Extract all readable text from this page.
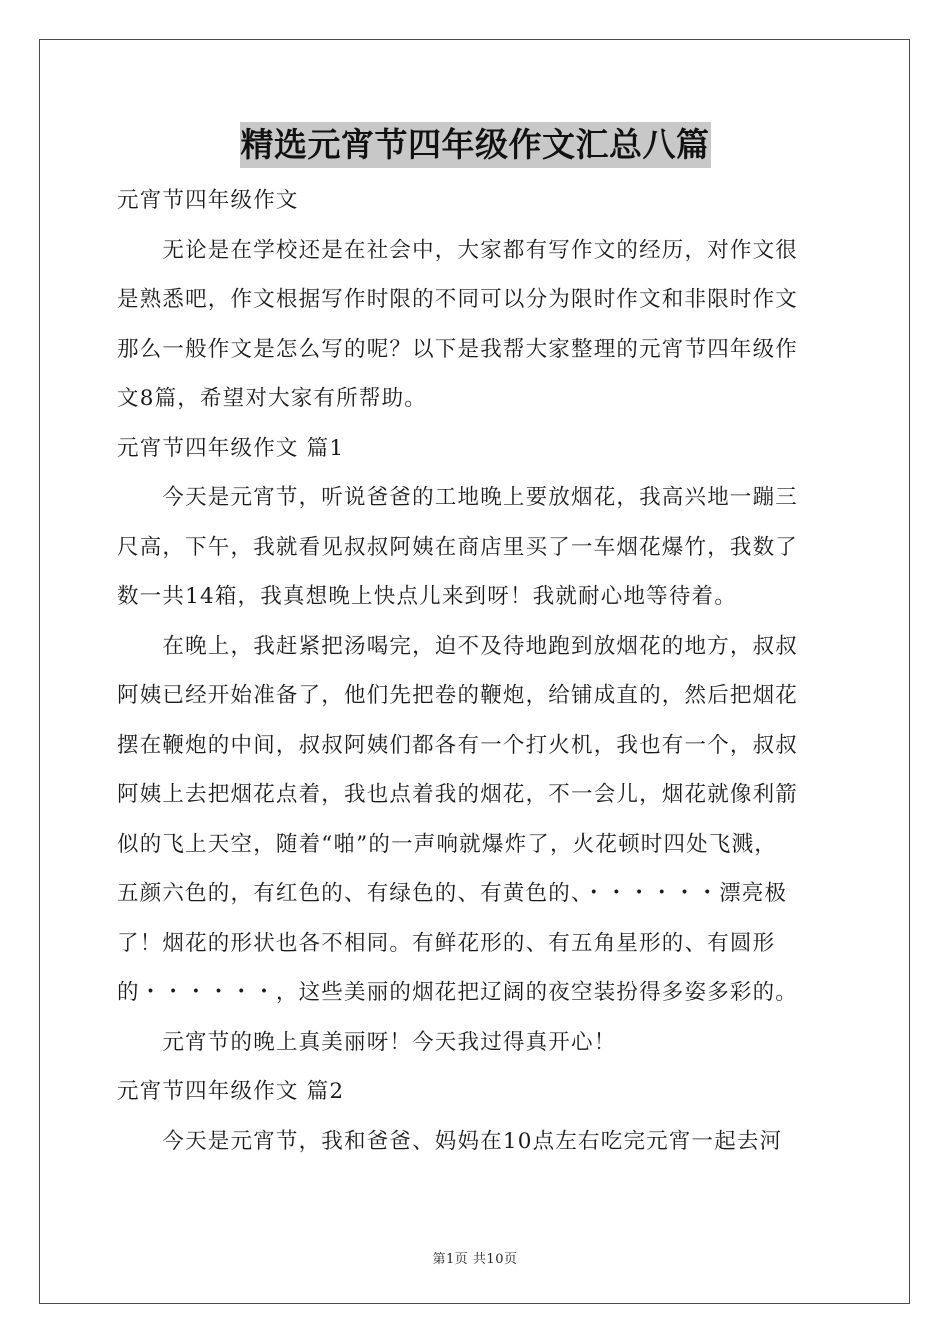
精选元宵节四年级作文汇总八篇
元宵节四年级作文
　　无论是在学校还是在社会中，大家都有写作文的经历，对作文很
是熟悉吧，作文根据写作时限的不同可以分为限时作文和非限时作文
那么一般作文是怎么写的呢？以下是我帮大家整理的元宵节四年级作
文8篇，希望对大家有所帮助。
元宵节四年级作文 篇1
　　今天是元宵节，听说爸爸的工地晚上要放烟花，我高兴地一蹦三
尺高，下午，我就看见叔叔阿姨在商店里买了一车烟花爆竹，我数了
数一共14箱，我真想晚上快点儿来到呀！我就耐心地等待着。
　　在晚上，我赶紧把汤喝完，迫不及待地跑到放烟花的地方，叔叔
阿姨已经开始准备了，他们先把卷的鞭炮，给铺成直的，然后把烟花
摆在鞭炮的中间，叔叔阿姨们都各有一个打火机，我也有一个，叔叔
阿姨上去把烟花点着，我也点着我的烟花，不一会儿，烟花就像利箭
似的飞上天空，随着“啪”的一声响就爆炸了，火花顿时四处飞溅，
五颜六色的，有红色的、有绿色的、有黄色的、・・・・・・漂亮极
了！烟花的形状也各不相同。有鲜花形的、有五角星形的、有圆形
的・・・・・・，这些美丽的烟花把辽阔的夜空装扮得多姿多彩的。
　　元宵节的晚上真美丽呀！今天我过得真开心！
元宵节四年级作文 篇2
　　今天是元宵节，我和爸爸、妈妈在10点左右吃完元宵一起去河
第1页 共10页
